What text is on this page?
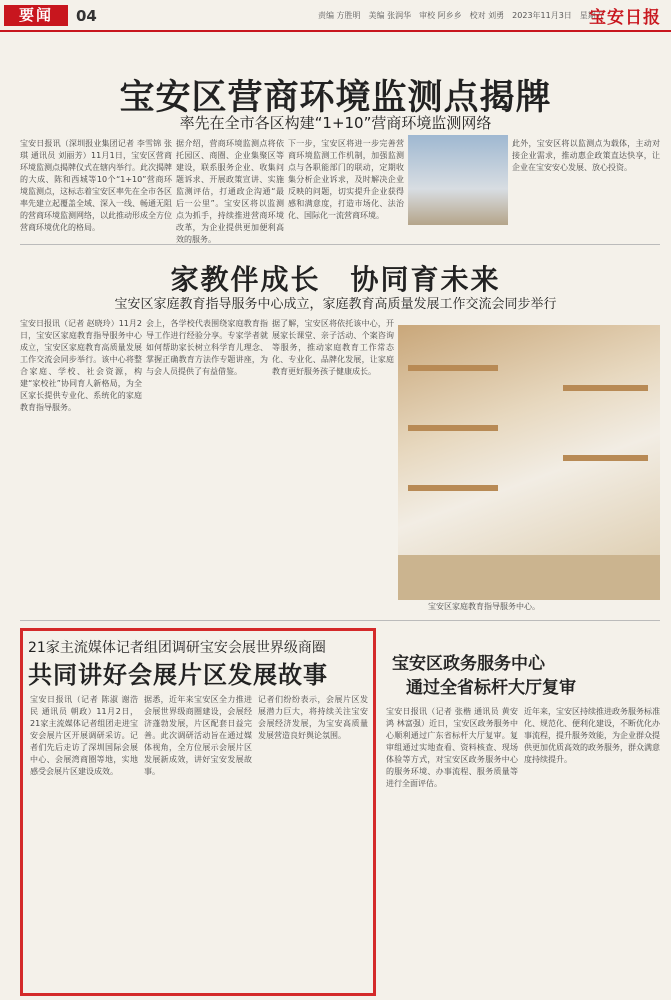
要闻	04	责编 方胜明　美编 张润华　审校 阿乡乡　校对 刘勇　2023年11月3日　星期五
宝安日报
宝安区营商环境监测点揭牌
率先在全市各区构建“1+10”营商环境监测网络
宝安日报讯（深圳报业集团记者 李雪锦 张琪 通讯员 刘丽芳）11月1日，宝安区营商环境监测点揭牌仪式在辖内举行。此次揭牌的大成、陈和西城等10个“1+10”营商环境监测点，这标志着宝安区率先在全市各区率先建立起覆盖全域、深入一线、畅通无阻的营商环境监测网络，以此推动形成全方位营商环境优化的格局。
据介绍，营商环境监测点将依托园区、商圈、企业集聚区等建设，联系服务企业、收集问题诉求、开展政策宣讲、实施监测评估，打通政企沟通“最后一公里”。宝安区将以监测点为抓手，持续推进营商环境改革，为企业提供更加便利高效的服务。
下一步，宝安区将进一步完善营商环境监测工作机制，加强监测点与各职能部门的联动，定期收集分析企业诉求，及时解决企业反映的问题，切实提升企业获得感和满意度，打造市场化、法治化、国际化一流营商环境。
此外，宝安区将以监测点为载体，主动对接企业需求，推动惠企政策直达快享，让企业在宝安安心发展、放心投资。
家教伴成长　协同育未来
宝安区家庭教育指导服务中心成立，家庭教育高质量发展工作交流会同步举行
宝安日报讯（记者 赵晓玲）11月2日，宝安区家庭教育指导服务中心成立，宝安区家庭教育高质量发展工作交流会同步举行。该中心将整合家庭、学校、社会资源，构建“家校社”协同育人新格局，为全区家长提供专业化、系统化的家庭教育指导服务。
会上，各学校代表围绕家庭教育指导工作进行经验分享。专家学者就如何帮助家长树立科学育儿理念、掌握正确教育方法作专题讲座，为与会人员提供了有益借鉴。
据了解，宝安区将依托该中心，开展家长课堂、亲子活动、个案咨询等服务，推动家庭教育工作常态化、专业化、品牌化发展，让家庭教育更好服务孩子健康成长。
宝安区家庭教育指导服务中心。
21家主流媒体记者组团调研宝安会展世界级商圈
共同讲好会展片区发展故事
宝安日报讯（记者 陈淑 谢浩民 通讯员 朝政）11月2日，21家主流媒体记者组团走进宝安会展片区开展调研采访。记者们先后走访了深圳国际会展中心、会展湾商圈等地，实地感受会展片区建设成效。
据悉，近年来宝安区全力推进会展世界级商圈建设，会展经济蓬勃发展，片区配套日益完善。此次调研活动旨在通过媒体视角，全方位展示会展片区发展新成效，讲好宝安发展故事。
记者们纷纷表示，会展片区发展潜力巨大，将持续关注宝安会展经济发展，为宝安高质量发展营造良好舆论氛围。
宝安区政务服务中心
通过全省标杆大厅复审
宝安日报讯（记者 张楷 通讯员 黄安鸿 林富强）近日，宝安区政务服务中心顺利通过广东省标杆大厅复审。复审组通过实地查看、资料核查、现场体验等方式，对宝安区政务服务中心的服务环境、办事流程、服务质量等进行全面评估。
近年来，宝安区持续推进政务服务标准化、规范化、便利化建设，不断优化办事流程，提升服务效能，为企业群众提供更加优质高效的政务服务，群众满意度持续提升。
